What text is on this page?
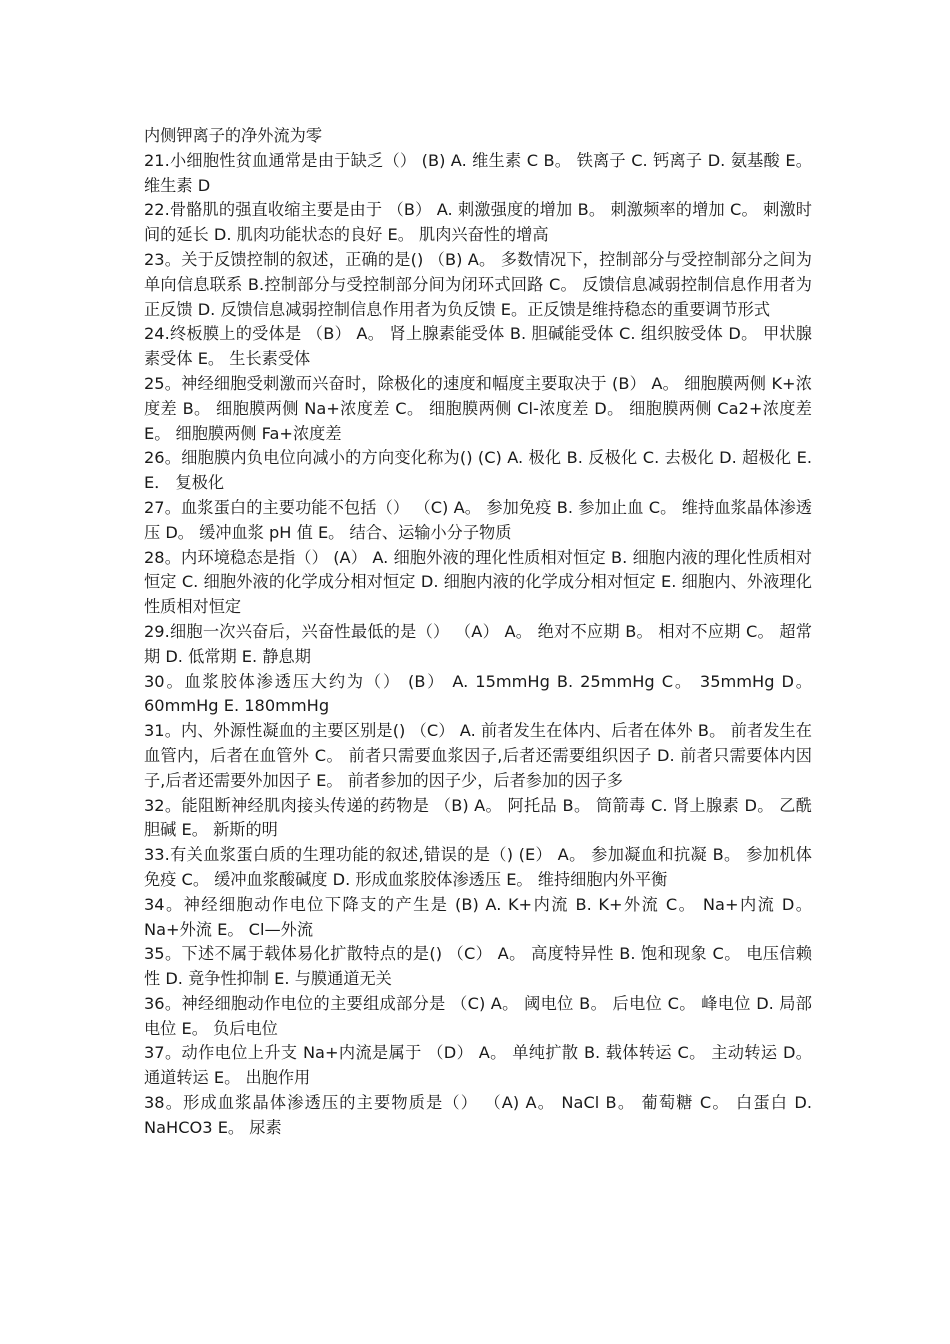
内侧钾离子的净外流为零

21.小细胞性贫血通常是由于缺乏（） (B) A. 维生素 C B。 铁离子 C. 钙离子 D. 氨基酸 E。 维生素 D

22.骨骼肌的强直收缩主要是由于 （B） A. 刺激强度的增加 B。 刺激频率的增加 C。 刺激时间的延长 D. 肌肉功能状态的良好 E。 肌肉兴奋性的增高

23。关于反馈控制的叙述，正确的是() （B) A。 多数情况下，控制部分与受控制部分之间为单向信息联系 B.控制部分与受控制部分间为闭环式回路 C。 反馈信息减弱控制信息作用者为正反馈 D. 反馈信息减弱控制信息作用者为负反馈 E。正反馈是维持稳态的重要调节形式

24.终板膜上的受体是 （B） A。 肾上腺素能受体 B. 胆碱能受体 C. 组织胺受体 D。 甲状腺素受体 E。 生长素受体

25。神经细胞受刺激而兴奋时，除极化的速度和幅度主要取决于 (B） A。 细胞膜两侧 K+浓度差 B。 细胞膜两侧 Na+浓度差 C。 细胞膜两侧 Cl-浓度差 D。 细胞膜两侧 Ca2+浓度差 E。 细胞膜两侧 Fa+浓度差

26。细胞膜内负电位向减小的方向变化称为() (C) A. 极化 B. 反极化 C. 去极化 D. 超极化 E. E． 复极化

27。血浆蛋白的主要功能不包括（） （C) A。 参加免疫 B. 参加止血 C。 维持血浆晶体渗透压 D。 缓冲血浆 pH 值 E。 结合、运输小分子物质

28。内环境稳态是指（） (A） A. 细胞外液的理化性质相对恒定 B. 细胞内液的理化性质相对恒定 C. 细胞外液的化学成分相对恒定 D. 细胞内液的化学成分相对恒定 E. 细胞内、外液理化性质相对恒定

29.细胞一次兴奋后，兴奋性最低的是（） （A） A。 绝对不应期 B。 相对不应期 C。 超常期 D. 低常期 E. 静息期

30。血浆胶体渗透压大约为（） (B） A. 15mmHg B. 25mmHg C。 35mmHg D。 60mmHg E. 180mmHg

31。内、外源性凝血的主要区别是() （C） A. 前者发生在体内、后者在体外 B。 前者发生在血管内，后者在血管外 C。 前者只需要血浆因子,后者还需要组织因子 D. 前者只需要体内因子,后者还需要外加因子 E。 前者参加的因子少，后者参加的因子多

32。能阻断神经肌肉接头传递的药物是 （B) A。 阿托品 B。 筒箭毒 C. 肾上腺素 D。 乙酰胆碱 E。 新斯的明

33.有关血浆蛋白质的生理功能的叙述,错误的是（) (E） A。 参加凝血和抗凝 B。 参加机体免疫 C。 缓冲血浆酸碱度 D. 形成血浆胶体渗透压 E。 维持细胞内外平衡

34。神经细胞动作电位下降支的产生是 (B) A. K+内流 B. K+外流 C。 Na+内流 D。 Na+外流 E。 Cl—外流

35。下述不属于载体易化扩散特点的是() （C） A。 高度特异性 B. 饱和现象 C。 电压信赖性 D. 竟争性抑制 E. 与膜通道无关

36。神经细胞动作电位的主要组成部分是 （C) A。 阈电位 B。 后电位 C。 峰电位 D. 局部电位 E。 负后电位

37。动作电位上升支 Na+内流是属于 （D） A。 单纯扩散 B. 载体转运 C。 主动转运 D。 通道转运 E。 出胞作用

38。形成血浆晶体渗透压的主要物质是（） （A) A。 NaCl B。 葡萄糖 C。 白蛋白 D. NaHCO3 E。 尿素
